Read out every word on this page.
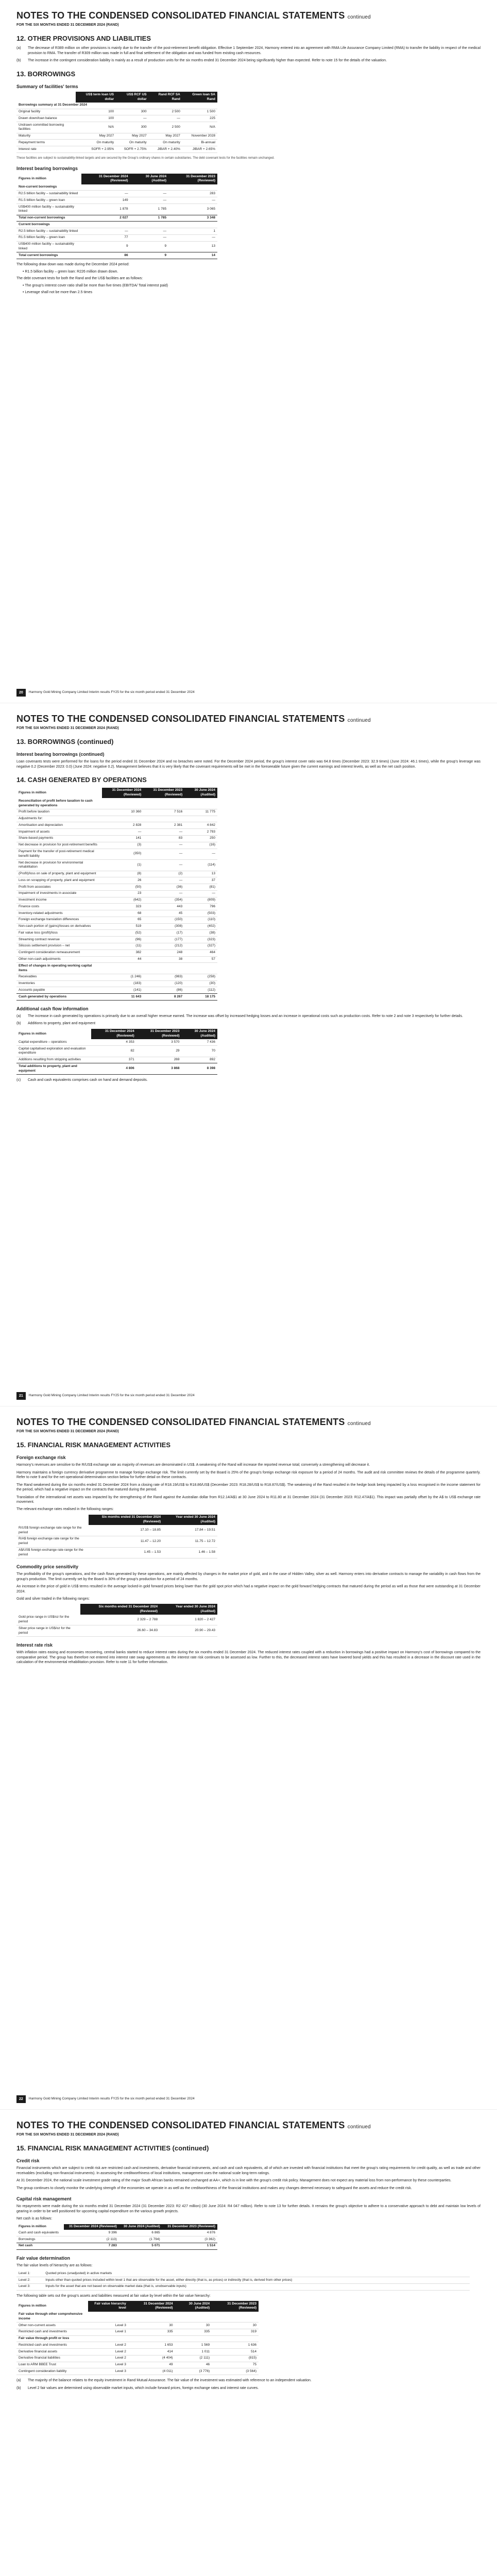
NOTES TO THE CONDENSED CONSOLIDATED FINANCIAL STATEMENTS continued
FOR THE SIX MONTHS ENDED 31 DECEMBER 2024 (RAND)
12. OTHER PROVISIONS AND LIABILITIES
(a)	The decrease of R389 million on other provisions is mainly due to the transfer of the post-retirement benefit obligation. Effective 1 September 2024, Harmony entered into an agreement with RMA Life Assurance Company Limited (RMA) to transfer the liability in respect of the medical provision to RMA. The transfer of R309 million was made in full and final settlement of the obligation and was funded from existing cash resources.
(b)	The increase in the contingent consideration liability is mainly as a result of production units for the six months ended 31 December 2024 being significantly higher than expected. Refer to note 15 for the details of the valuation.
13. BORROWINGS
Summary of facilities' terms
	US$ term loan US dollar	US$ RCF US dollar	Rand RCF SA Rand	Green loan SA Rand
Borrowings summary at 31 December 2024				
Original facility	100	300	2 500	1 500
Drawn down/loan balance	100	—	—	225
Undrawn committed borrowing facilities	N/A	300	2 500	N/A
Maturity	May 2027	May 2027	May 2027	November 2028
Repayment terms	On maturity	On maturity	On maturity	Bi-annual
Interest rate	SOFR + 2.95%	SOFR + 2.75%	JIBAR + 2.40%	JIBAR + 2.65%

These facilities are subject to sustainability-linked targets and are secured by the Group's ordinary shares in certain subsidiaries. The debt covenant tests for the facilities remain unchanged.

Interest bearing borrowings
Figures in million	31 December 2024 (Reviewed)	30 June 2024 (Audited)	31 December 2023 (Reviewed)
Non-current borrowings			
R2.5 billion facility – sustainability linked	—	—	283
R1.5 billion facility – green loan	149	—	—
US$400 million facility – sustainability linked	1 878	1 785	3 065
Total non-current borrowings	2 027	1 785	3 348
Current borrowings			
R2.5 billion facility – sustainability linked	—	—	1
R1.5 billion facility – green loan	77	—	—
US$400 million facility – sustainability linked	9	9	13
Total current borrowings	86	9	14

The following draw down was made during the December 2024 period:

• R1.5 billion facility – green loan: R226 million drawn down.

The debt covenant tests for both the Rand and the US$ facilities are as follows:

• The group's interest cover ratio shall be more than five times (EBITDA/ Total interest paid)
• Leverage shall not be more than 2.5 times
20	Harmony Gold Mining Company Limited Interim results FY25 for the six month period ended 31 December 2024
NOTES TO THE CONDENSED CONSOLIDATED FINANCIAL STATEMENTS continued
FOR THE SIX MONTHS ENDED 31 DECEMBER 2024 (RAND)
13. BORROWINGS (continued)
Interest bearing borrowings (continued)

Loan covenants tests were performed for the loans for the period ended 31 December 2024 and no breaches were noted. For the December 2024 period, the group's interest cover ratio was 64.8 times (December 2023: 32.9 times) (June 2024: 46.1 times), while the group's leverage was negative 0.2 (December 2023: 0.0) (June 2024: negative 0.2). Management believes that it is very likely that the covenant requirements will be met in the foreseeable future given the current earnings and interest levels, as well as the net cash position.

14. CASH GENERATED BY OPERATIONS
Figures in million	31 December 2024 (Reviewed)	31 December 2023 (Reviewed)	30 June 2024 (Audited)
Reconciliation of profit before taxation to cash generated by operations			
Profit before taxation	10 360	7 516	11 775
Adjustments for:			
Amortisation and depreciation	2 828	2 381	4 842
Impairment of assets	—	—	2 793
Share-based payments	141	83	250
Net decrease in provision for post-retirement benefits	(3)	—	(16)
Payment for the transfer of post-retirement medical benefit liability	(350)	—	—
Net decrease in provision for environmental rehabilitation	(1)	—	(114)
(Profit)/loss on sale of property, plant and equipment	(8)	(2)	13
Loss on scrapping of property, plant and equipment	26	—	37
Profit from associates	(50)	(36)	(81)
Impairment of investments in associate	23	—	—
Investment income	(642)	(354)	(809)
Finance costs	323	443	796
Inventory-related adjustments	68	45	(503)
Foreign exchange translation differences	65	(150)	(110)
Non-cash portion of (gains)/losses on derivatives	519	(308)	(402)
Fair value loss (profit)/loss	(52)	(17)	(38)
Streaming contract revenue	(96)	(177)	(323)
Silicosis settlement provision – net	(11)	(212)	(327)
Contingent consideration remeasurement	382	248	464
Other non-cash adjustments	44	38	57
Effect of changes in operating working capital items			
Receivables	(1 246)	(983)	(258)
Inventories	(183)	(120)	(30)
Accounts payable	(141)	(86)	(112)
Cash generated by operations	11 643	8 267	18 175
Additional cash flow information
(a)	The increase in cash generated by operations is primarily due to an overall higher revenue earned. The increase was offset by increased hedging losses and an increase in operational costs such as production costs. Refer to note 2 and note 3 respectively for further details.
(b)	Additions to property, plant and equipment
Figures in million	31 December 2024 (Reviewed)	31 December 2023 (Reviewed)	30 June 2024 (Audited)
Capital expenditure – operations	4 353	3 570	7 436
Capital capitalised exploration and evaluation expenditure	82	29	70
Additions resulting from stripping activities	371	269	892
Total additions to property, plant and equipment	4 806	3 868	8 398
(c)	Cash and cash equivalents comprises cash on hand and demand deposits.
21	Harmony Gold Mining Company Limited Interim results FY25 for the six month period ended 31 December 2024
NOTES TO THE CONDENSED CONSOLIDATED FINANCIAL STATEMENTS continued
FOR THE SIX MONTHS ENDED 31 DECEMBER 2024 (RAND)
15. FINANCIAL RISK MANAGEMENT ACTIVITIES
Foreign exchange risk

Harmony's revenues are sensitive to the R/US$ exchange rate as majority of revenues are denominated in US$. A weakening of the Rand will increase the reported revenue total; conversely a strengthening will decrease it.

Harmony maintains a foreign currency derivative programme to manage foreign exchange risk. The limit currently set by the Board is 25% of the group's foreign exchange risk exposure for a period of 24 months. The audit and risk committee reviews the details of the programme quarterly. Refer to note 9 and for the net operational determination section below for further detail on these contracts.

The Rand weakened during the six months ended 31 December 2024 from a closing rate of R18.19/US$ to R18.86/US$ (December 2023: R18.28/US$ to R18.87/US$). The weakening of the Rand resulted in the hedge book being impacted by a loss recognised in the income statement for the period, which had a negative impact on the contracts that matured during the period.

Translation of the international net assets was impacted by the strengthening of the Rand against the Australian dollar from R12.14/A$1 at 30 June 2024 to R11.80 at 31 December 2024 (31 December 2023: R12.47/A$1). This impact was partially offset by the A$ to US$ exchange rate movement.

The relevant exchange rates realised in the following ranges:

	Six months ended 31 December 2024 (Reviewed)	Year ended 30 June 2024 (Audited)
R/US$ foreign exchange rate range for the period	17.10 – 18.85	17.84 – 19.51
R/A$ foreign exchange rate range for the period	11.47 – 12.20	11.75 – 12.72
A$/US$ foreign exchange rate range for the period	1.45 – 1.53	1.46 – 1.58
Commodity price sensitivity

The profitability of the group's operations, and the cash flows generated by these operations, are mainly affected by changes in the market price of gold, and in the case of Hidden Valley, silver as well. Harmony enters into derivative contracts to manage the variability in cash flows from the group's production. The limit currently set by the Board is 30% of the group's production for a period of 24 months.

An increase in the price of gold in US$ terms resulted in the average locked-in gold forward prices being lower than the gold spot price which had a negative impact on the gold forward hedging contracts that matured during the period as well as those that were outstanding at 31 December 2024.

Gold and silver traded in the following ranges:

	Six months ended 31 December 2024 (Reviewed)	Year ended 30 June 2024 (Audited)
Gold price range in US$/oz for the period	2 329 – 2 788	1 820 – 2 427
Silver price range in US$/oz for the period	26.60 – 34.83	20.90 – 29.43
Interest rate risk

With inflation rates easing and economies recovering, central banks started to reduce interest rates during the six months ended 31 December 2024. The reduced interest rates coupled with a reduction in borrowings had a positive impact on Harmony's cost of borrowings compared to the comparative period. The group has therefore not entered into interest rate swap agreements as the interest rate risk continues to be assessed as low. Further to this, the decreased interest rates have lowered bond yields and this has resulted in a decrease in the discount rate used in the calculation of the environmental rehabilitation provision. Refer to note 11 for further information.

22	Harmony Gold Mining Company Limited Interim results FY25 for the six month period ended 31 December 2024
NOTES TO THE CONDENSED CONSOLIDATED FINANCIAL STATEMENTS continued
FOR THE SIX MONTHS ENDED 31 DECEMBER 2024 (RAND)
15. FINANCIAL RISK MANAGEMENT ACTIVITIES (continued)
Credit risk

Financial instruments which are subject to credit risk are restricted cash and investments, derivative financial instruments, and cash and cash equivalents, all of which are invested with financial institutions that meet the group's rating requirements for credit quality, as well as trade and other receivables (excluding non-financial instruments). In assessing the creditworthiness of local institutions, management uses the national scale long-term ratings.

At 31 December 2024, the national scale investment grade rating of the major South African banks remained unchanged at AA+, which is in line with the group's credit risk policy. Management does not expect any material loss from non-performance by these counterparties.

The group continues to closely monitor the underlying strength of the economies we operate in as well as the creditworthiness of the financial institutions and makes any changes deemed necessary to safeguard the assets and reduce the credit risk.

Capital risk management

No repayments were made during the six months ended 31 December 2024 (31 December 2023: R2 427 million) (30 June 2024: R4 047 million). Refer to note 13 for further details. It remains the group's objective to adhere to a conservative approach to debt and maintain low levels of gearing in order to be well positioned for upcoming capital expenditure on the various growth projects.

Net cash is as follows:

Figures in million	31 December 2024 (Reviewed)	30 June 2024 (Audited)	31 December 2023 (Reviewed)
Cash and cash equivalents	9 396	6 865	4 876
Borrowings	(2 113)	(1 794)	(3 362)
Net cash	7 283	5 071	1 514
Fair value determination

The fair value levels of hierarchy are as follows:

Level 1:	Quoted prices (unadjusted) in active markets
Level 2:	Inputs other than quoted prices included within level 1 that are observable for the asset, either directly (that is, as prices) or indirectly (that is, derived from other prices)
Level 3:	Inputs for the asset that are not based on observable market data (that is, unobservable inputs)

The following table sets out the group's assets and liabilities measured at fair value by level within the fair value hierarchy:

Figures in million	Fair value hierarchy level	31 December 2024 (Reviewed)	30 June 2024 (Audited)	31 December 2023 (Reviewed)
Fair value through other comprehensive income				
Other non-current assets	Level 3	30	30	30
Restricted cash and investments	Level 1	335	335	319
Fair value through profit or loss				
Restricted cash and investments	Level 2	1 653	1 569	1 636
Derivative financial assets	Level 2	414	1 011	514
Derivative financial liabilities	Level 2	(4 404)	(2 111)	(815)
Loan to ARM BBEE Trust	Level 3	49	46	75
Contingent consideration liability	Level 3	(4 011)	(3 776)	(3 564)
(a)	The majority of the balance relates to the equity investment in Rand Mutual Assurance. The fair value of the investment was estimated with reference to an independent valuation.
(b)	Level 2 fair values are determined using observable market inputs, which include forward prices, foreign exchange rates and interest rate curves.
